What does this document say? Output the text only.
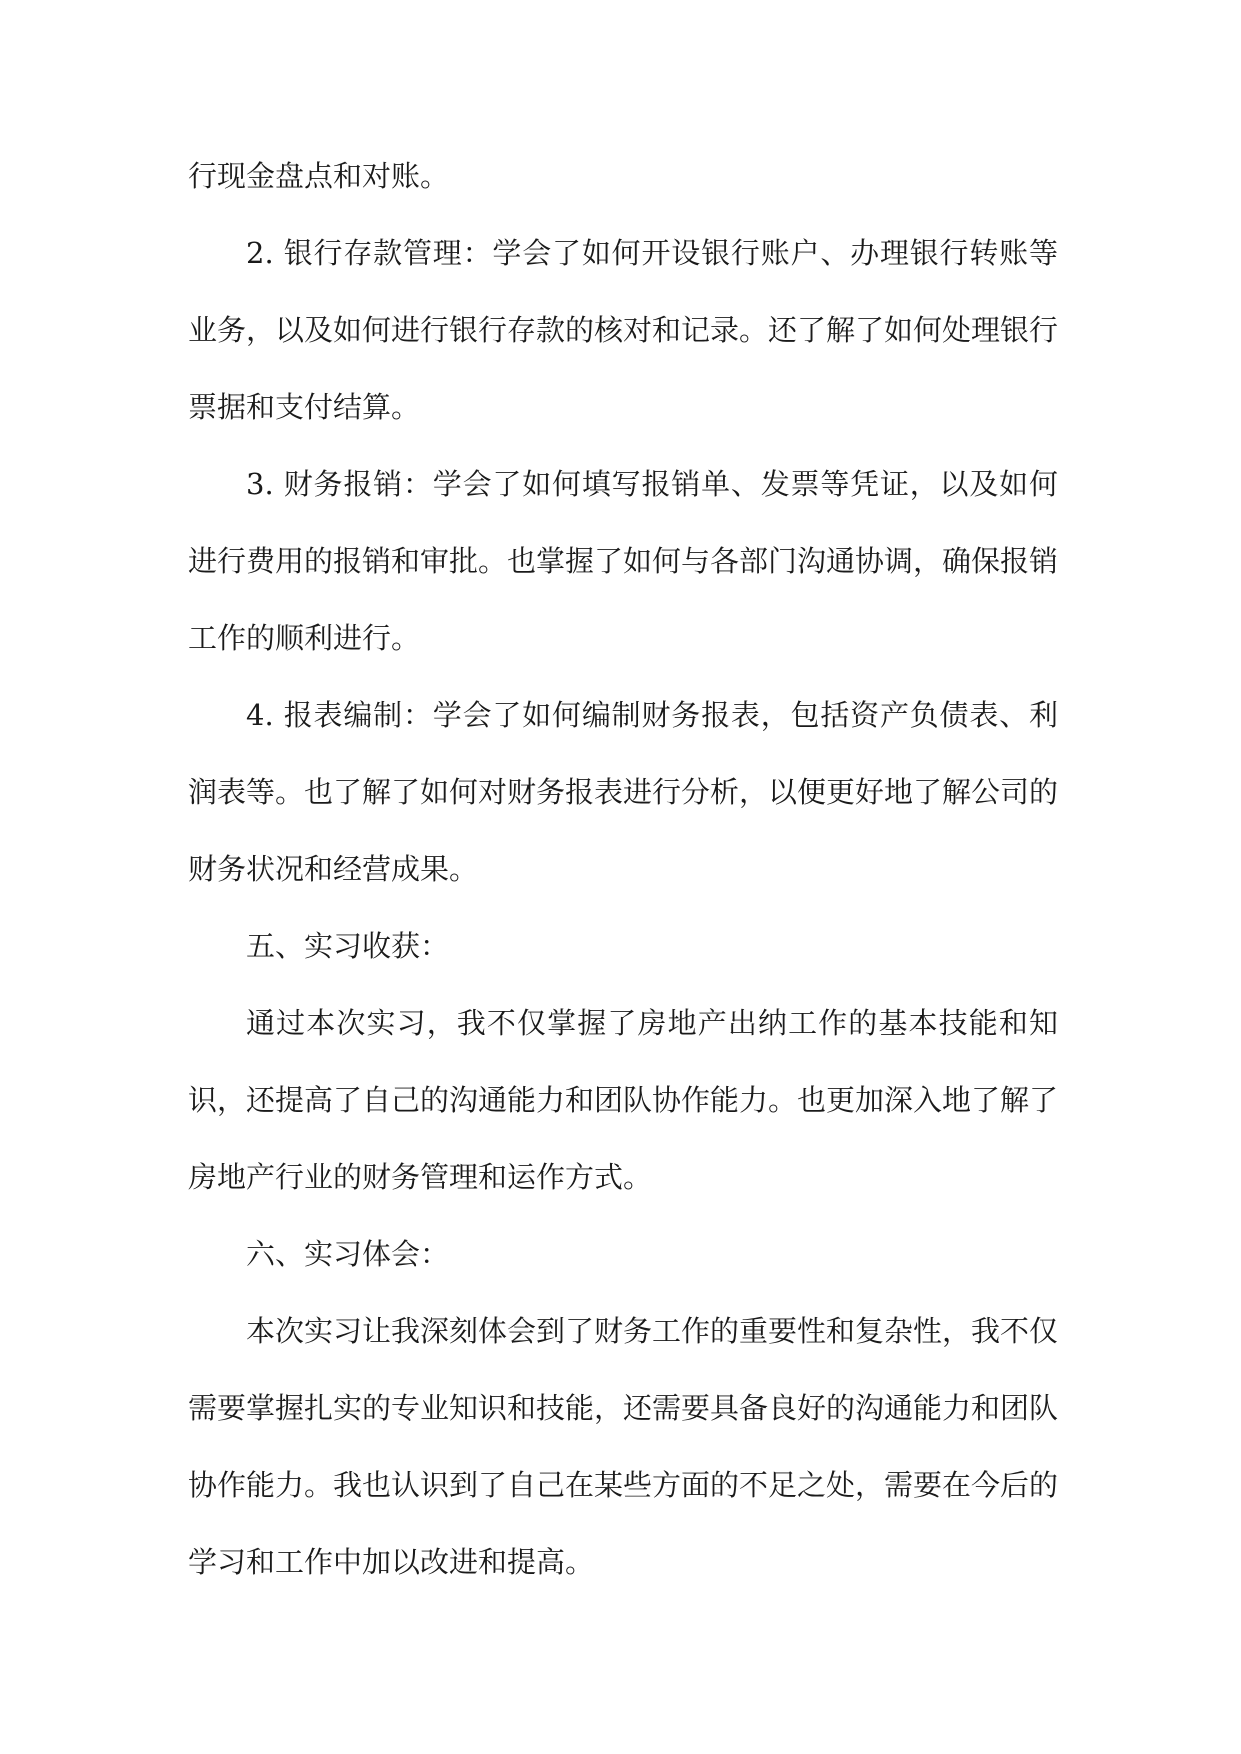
行现金盘点和对账。

2. 银行存款管理：学会了如何开设银行账户、办理银行转账等业务，以及如何进行银行存款的核对和记录。还了解了如何处理银行票据和支付结算。

3. 财务报销：学会了如何填写报销单、发票等凭证，以及如何进行费用的报销和审批。也掌握了如何与各部门沟通协调，确保报销工作的顺利进行。

4. 报表编制：学会了如何编制财务报表，包括资产负债表、利润表等。也了解了如何对财务报表进行分析，以便更好地了解公司的财务状况和经营成果。

五、实习收获：

通过本次实习，我不仅掌握了房地产出纳工作的基本技能和知识，还提高了自己的沟通能力和团队协作能力。也更加深入地了解了房地产行业的财务管理和运作方式。

六、实习体会：

本次实习让我深刻体会到了财务工作的重要性和复杂性，我不仅需要掌握扎实的专业知识和技能，还需要具备良好的沟通能力和团队协作能力。我也认识到了自己在某些方面的不足之处，需要在今后的学习和工作中加以改进和提高。
